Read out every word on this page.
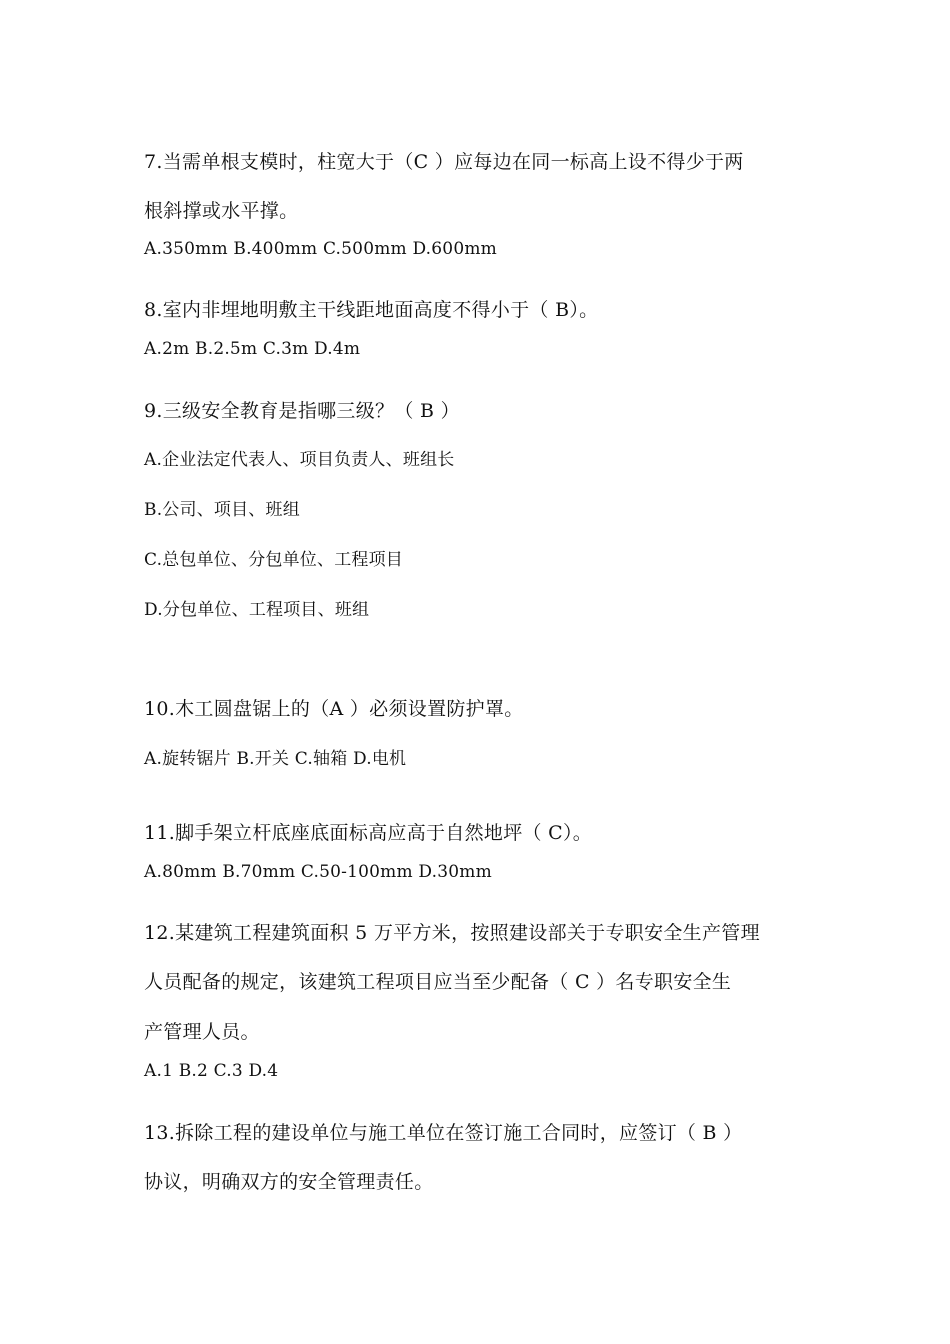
7.当需单根支模时，柱宽大于（C ）应每边在同一标高上设不得少于两
根斜撑或水平撑。
A.350mm B.400mm C.500mm D.600mm
8.室内非埋地明敷主干线距地面高度不得小于（ B）。
A.2m B.2.5m C.3m D.4m
9.三级安全教育是指哪三级？（ B ）
A.企业法定代表人、项目负责人、班组长
B.公司、项目、班组
C.总包单位、分包单位、工程项目
D.分包单位、工程项目、班组
10.木工圆盘锯上的（A ）必须设置防护罩。
A.旋转锯片 B.开关 C.轴箱 D.电机
11.脚手架立杆底座底面标高应高于自然地坪（ C）。
A.80mm B.70mm C.50-100mm D.30mm
12.某建筑工程建筑面积 5 万平方米，按照建设部关于专职安全生产管理
人员配备的规定，该建筑工程项目应当至少配备（ C ）名专职安全生
产管理人员。
A.1 B.2 C.3 D.4
13.拆除工程的建设单位与施工单位在签订施工合同时，应签订（ B ）
协议，明确双方的安全管理责任。
